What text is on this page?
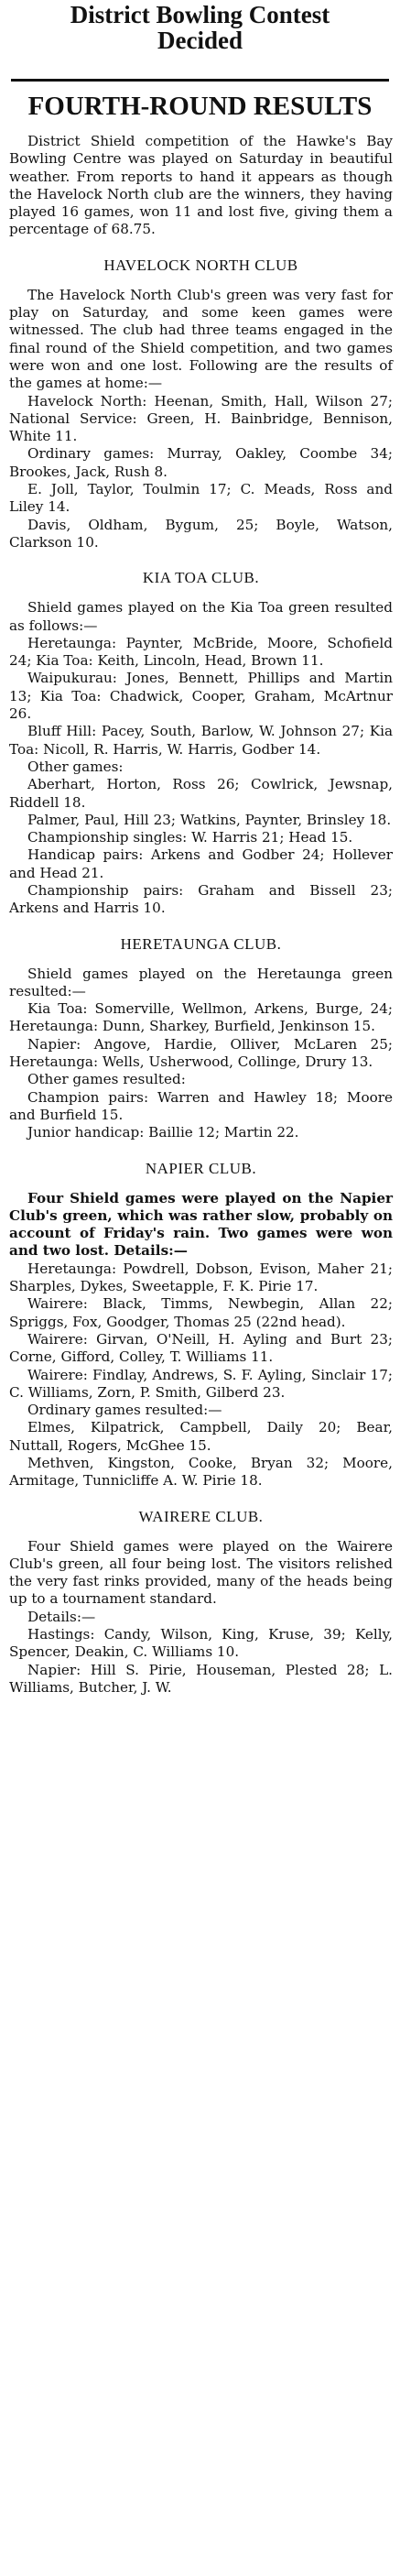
District Bowling Contest
Decided
FOURTH-ROUND RESULTS

District Shield competition of the Hawke's Bay Bowling Centre was played on Saturday in beautiful weather. From reports to hand it appears as though the Havelock North club are the winners, they having played 16 games, won 11 and lost five, giving them a percentage of 68.75.

HAVELOCK NORTH CLUB

The Havelock North Club's green was very fast for play on Saturday, and some keen games were witnessed. The club had three teams engaged in the final round of the Shield competition, and two games were won and one lost. Following are the results of the games at home:—

Havelock North: Heenan, Smith, Hall, Wilson 27; National Service: Green, H. Bainbridge, Bennison, White 11.

Ordinary games: Murray, Oakley, Coombe 34; Brookes, Jack, Rush 8.

E. Joll, Taylor, Toulmin 17; C. Meads, Ross and Liley 14.

Davis, Oldham, Bygum, 25; Boyle, Watson, Clarkson 10.

KIA TOA CLUB.

Shield games played on the Kia Toa green resulted as follows:—

Heretaunga: Paynter, McBride, Moore, Schofield 24; Kia Toa: Keith, Lincoln, Head, Brown 11.

Waipukurau: Jones, Bennett, Phillips and Martin 13; Kia Toa: Chadwick, Cooper, Graham, McArtnur 26.

Bluff Hill: Pacey, South, Barlow, W. Johnson 27; Kia Toa: Nicoll, R. Harris, W. Harris, Godber 14.

Other games:

Aberhart, Horton, Ross 26; Cowlrick, Jewsnap, Riddell 18.

Palmer, Paul, Hill 23; Watkins, Paynter, Brinsley 18.

Championship singles: W. Harris 21; Head 15.

Handicap pairs: Arkens and Godber 24; Hollever and Head 21.

Championship pairs: Graham and Bissell 23; Arkens and Harris 10.

HERETAUNGA CLUB.

Shield games played on the Heretaunga green resulted:—

Kia Toa: Somerville, Wellmon, Arkens, Burge, 24; Heretaunga: Dunn, Sharkey, Burfield, Jenkinson 15.

Napier: Angove, Hardie, Olliver, McLaren 25; Heretaunga: Wells, Usherwood, Collinge, Drury 13.

Other games resulted:

Champion pairs: Warren and Hawley 18; Moore and Burfield 15.

Junior handicap: Baillie 12; Martin 22.

NAPIER CLUB.

Four Shield games were played on the Napier Club's green, which was rather slow, probably on account of Friday's rain. Two games were won and two lost. Details:—

Heretaunga: Powdrell, Dobson, Evison, Maher 21; Sharples, Dykes, Sweetapple, F. K. Pirie 17.

Wairere: Black, Timms, Newbegin, Allan 22; Spriggs, Fox, Goodger, Thomas 25 (22nd head).

Wairere: Girvan, O'Neill, H. Ayling and Burt 23; Corne, Gifford, Colley, T. Williams 11.

Wairere: Findlay, Andrews, S. F. Ayling, Sinclair 17; C. Williams, Zorn, P. Smith, Gilberd 23.

Ordinary games resulted:—

Elmes, Kilpatrick, Campbell, Daily 20; Bear, Nuttall, Rogers, McGhee 15.

Methven, Kingston, Cooke, Bryan 32; Moore, Armitage, Tunnicliffe A. W. Pirie 18.

WAIRERE CLUB.

Four Shield games were played on the Wairere Club's green, all four being lost. The visitors relished the very fast rinks provided, many of the heads being up to a tournament standard.

Details:—

Hastings: Candy, Wilson, King, Kruse, 39; Kelly, Spencer, Deakin, C. Williams 10.

Napier: Hill S. Pirie, Houseman, Plested 28; L. Williams, Butcher, J. W.
